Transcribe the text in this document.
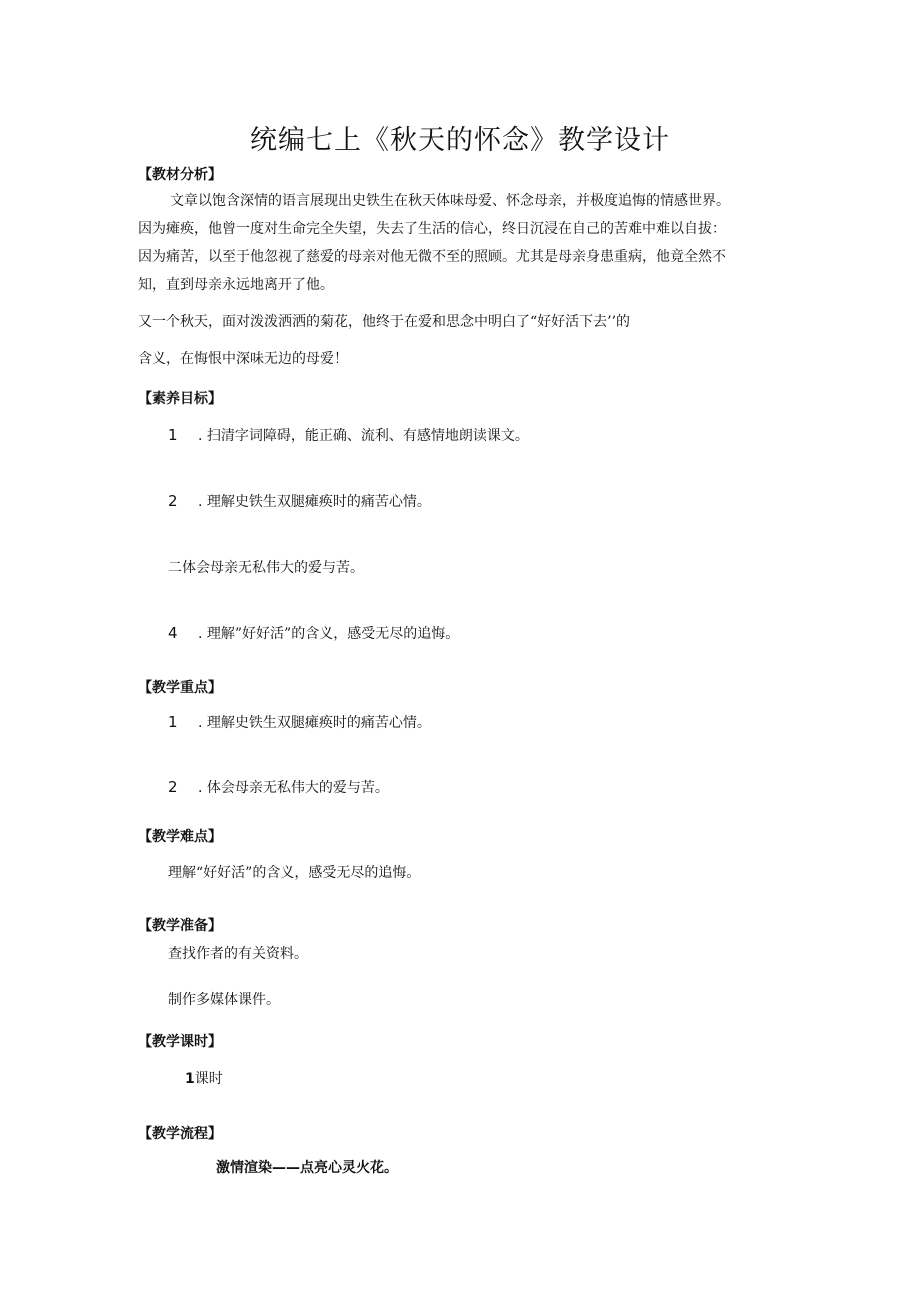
统编七上《秋天的怀念》教学设计
【教材分析】
文章以饱含深情的语言展现出史铁生在秋天体味母爱、怀念母亲，并极度追悔的情感世界。
因为瘫痪，他曾一度对生命完全失望，失去了生活的信心，终日沉浸在自己的苦难中难以自拔：
因为痛苦，以至于他忽视了慈爱的母亲对他无微不至的照顾。尤其是母亲身患重病，他竟全然不
知，直到母亲永远地离开了他。
又一个秋天，面对泼泼洒洒的菊花，他终于在爱和思念中明白了“好好活下去’’的
含义，在悔恨中深味无边的母爱！
【素养目标】
1 . 扫清字词障碍，能正确、流利、有感情地朗读课文。
2 . 理解史铁生双腿瘫痪时的痛苦心情。
二体会母亲无私伟大的爱与苦。
4 . 理解”好好活”的含义，感受无尽的追悔。
【教学重点】
1 . 理解史铁生双腿瘫痪时的痛苦心情。
2 . 体会母亲无私伟大的爱与苦。
【教学难点】
理解“好好活”的含义，感受无尽的追悔。
【教学准备】
查找作者的有关资料。
制作多媒体课件。
【教学课时】
1课时
【教学流程】
激情渲染——点亮心灵火花。
